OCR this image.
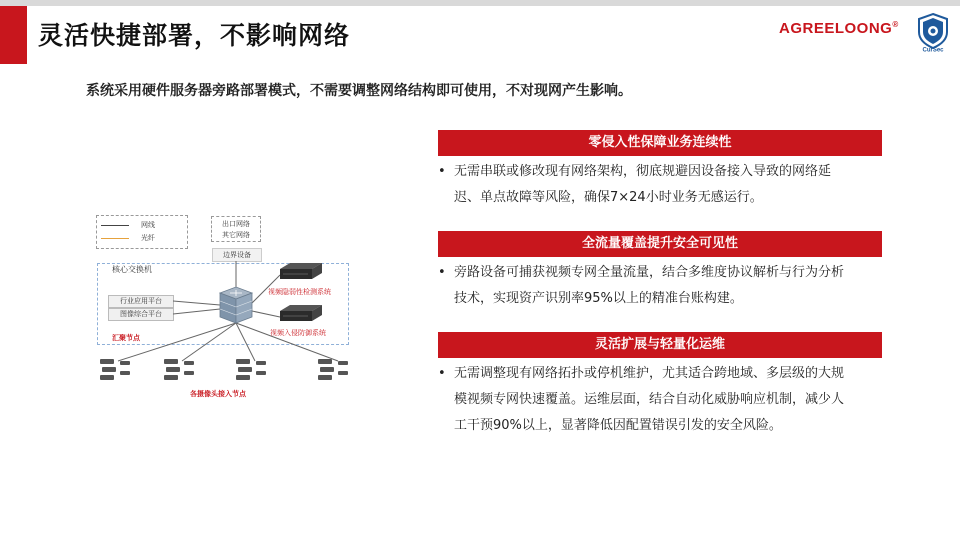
灵活快捷部署，不影响网络	AGREELOONG®
CurSec
系统采用硬件服务器旁路部署模式，不需要调整网络结构即可使用，不对现网产生影响。
网线
光纤
出口网络
其它网络
边界设备
核心交换机
行业应用平台
图像综合平台
视频隐弱性检测系统
视频入侵防御系统
汇聚节点
各摄像头接入节点
零侵入性保障业务连续性
• 无需串联或修改现有网络架构，彻底规避因设备接入导致的网络延
迟、单点故障等风险，确保7×24小时业务无感运行。
全流量覆盖提升安全可见性
• 旁路设备可捕获视频专网全量流量，结合多维度协议解析与行为分析
技术，实现资产识别率95%以上的精准台账构建。
灵活扩展与轻量化运维
• 无需调整现有网络拓扑或停机维护，尤其适合跨地域、多层级的大规
模视频专网快速覆盖。运维层面，结合自动化威胁响应机制，减少人
工干预90%以上，显著降低因配置错误引发的安全风险。
